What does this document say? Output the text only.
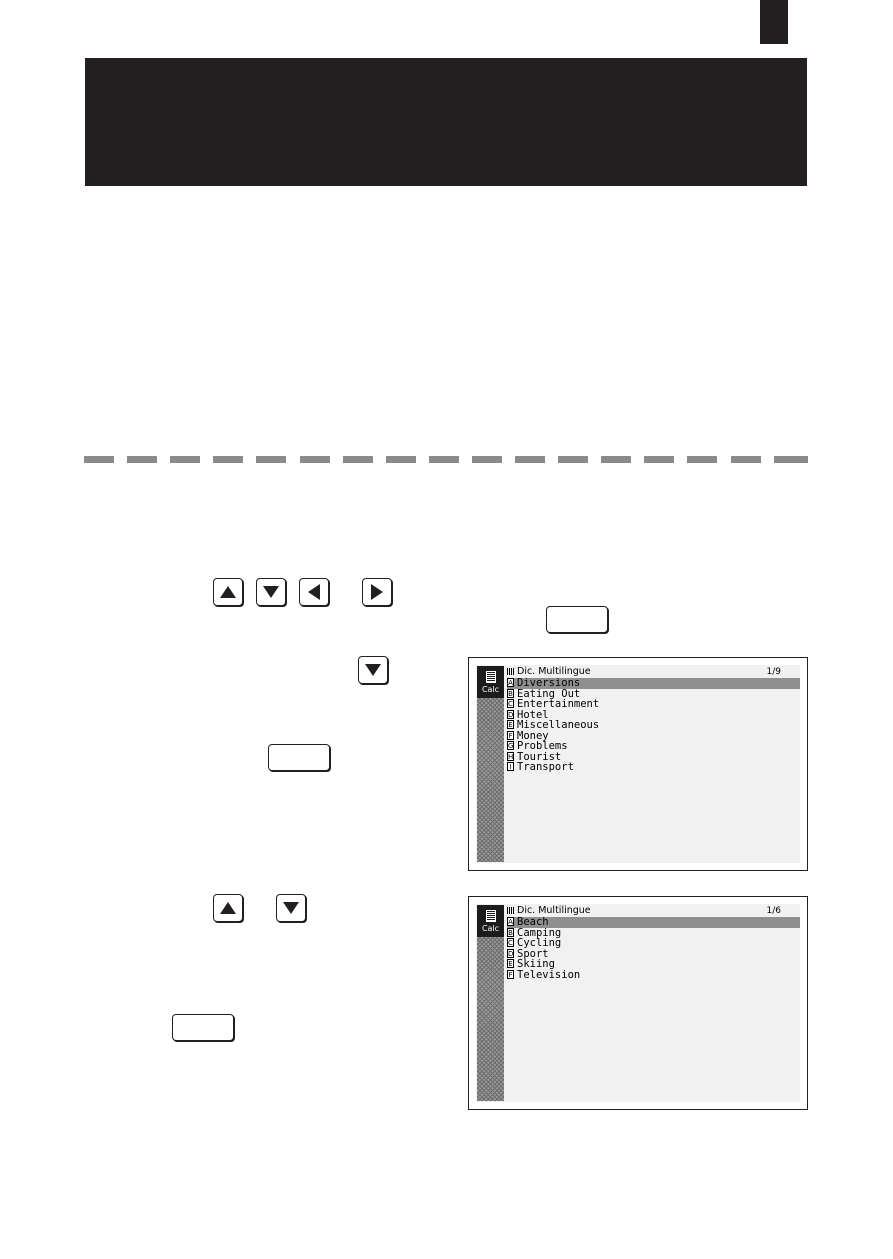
Calc
Dic. Multilingue	1/9
A Diversions
B Eating Out
C Entertainment
D Hotel
E Miscellaneous
F Money
G Problems
H Tourist
I Transport
Calc
Dic. Multilingue	1/6
A Beach
B Camping
C Cycling
D Sport
E Skiing
F Television
